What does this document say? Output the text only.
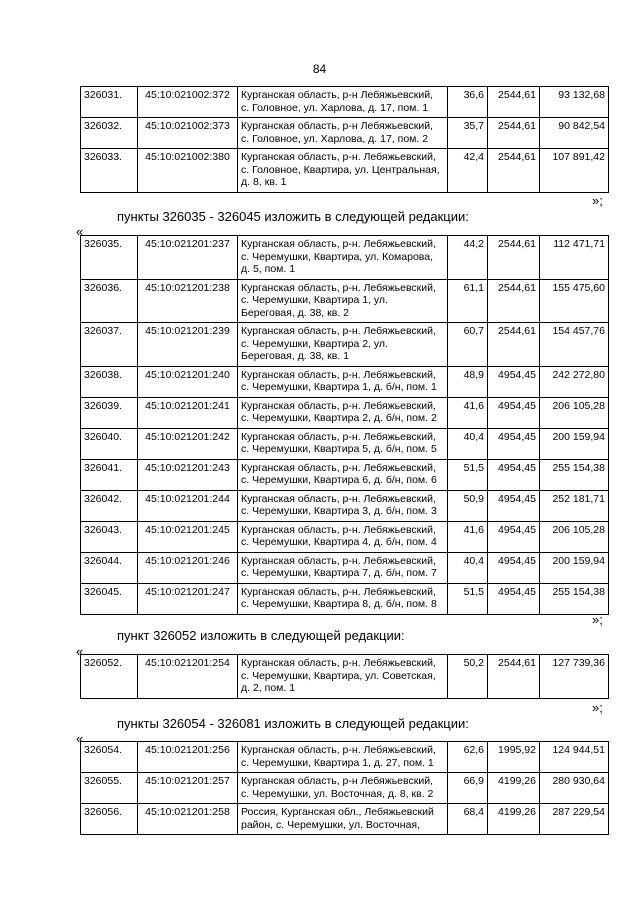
84
326031.	45:10:021002:372	Курганская область, р-н Лебяжьевский,
с. Головное, ул. Харлова, д. 17, пом. 1	36,6	2544,61	93 132,68
326032.	45:10:021002:373	Курганская область, р-н Лебяжьевский,
с. Головное, ул. Харлова, д. 17, пом. 2	35,7	2544,61	90 842,54
326033.	45:10:021002:380	Курганская область, р-н. Лебяжьевский,
с. Головное, Квартира, ул. Центральная,
д. 8, кв. 1	42,4	2544,61	107 891,42
»;
пункты 326035 - 326045 изложить в следующей редакции:
«
326035.	45:10:021201:237	Курганская область, р-н. Лебяжьевский,
с. Черемушки, Квартира, ул. Комарова,
д. 5, пом. 1	44,2	2544,61	112 471,71
326036.	45:10:021201:238	Курганская область, р-н. Лебяжьевский,
с. Черемушки, Квартира 1, ул.
Береговая, д. 38, кв. 2	61,1	2544,61	155 475,60
326037.	45:10:021201:239	Курганская область, р-н. Лебяжьевский,
с. Черемушки, Квартира 2, ул.
Береговая, д. 38, кв. 1	60,7	2544,61	154 457,76
326038.	45:10:021201:240	Курганская область, р-н. Лебяжьевский,
с. Черемушки, Квартира 1, д. б/н, пом. 1	48,9	4954,45	242 272,80
326039.	45:10:021201:241	Курганская область, р-н. Лебяжьевский,
с. Черемушки, Квартира 2, д. б/н, пом. 2	41,6	4954,45	206 105,28
326040.	45:10:021201:242	Курганская область, р-н. Лебяжьевский,
с. Черемушки, Квартира 5, д. б/н, пом. 5	40,4	4954,45	200 159,94
326041.	45:10:021201:243	Курганская область, р-н. Лебяжьевский,
с. Черемушки, Квартира 6, д. б/н, пом. 6	51,5	4954,45	255 154,38
326042.	45:10:021201:244	Курганская область, р-н. Лебяжьевский,
с. Черемушки, Квартира 3, д. б/н, пом. 3	50,9	4954,45	252 181,71
326043.	45:10:021201:245	Курганская область, р-н. Лебяжьевский,
с. Черемушки, Квартира 4, д. б/н, пом. 4	41,6	4954,45	206 105,28
326044.	45:10:021201:246	Курганская область, р-н. Лебяжьевский,
с. Черемушки, Квартира 7, д. б/н, пом. 7	40,4	4954,45	200 159,94
326045.	45:10:021201:247	Курганская область, р-н. Лебяжьевский,
с. Черемушки, Квартира 8, д. б/н, пом. 8	51,5	4954,45	255 154,38
»;
пункт 326052 изложить в следующей редакции:
«
326052.	45:10:021201:254	Курганская область, р-н. Лебяжьевский,
с. Черемушки, Квартира, ул. Советская,
д. 2, пом. 1
	50,2	2544,61	127 739,36
»;
пункты 326054 - 326081 изложить в следующей редакции:
«
326054.	45:10:021201:256	Курганская область, р-н. Лебяжьевский,
с. Черемушки, Квартира 1, д. 27, пом. 1	62,6	1995,92	124 944,51
326055.	45:10:021201:257	Курганская область, р-н Лебяжьевский,
с. Черемушки, ул. Восточная, д. 8, кв. 2	66,9	4199,26	280 930,64
326056.	45:10:021201:258	Россия, Курганская обл., Лебяжьевский
район, с. Черемушки, ул. Восточная,	68,4	4199,26	287 229,54
